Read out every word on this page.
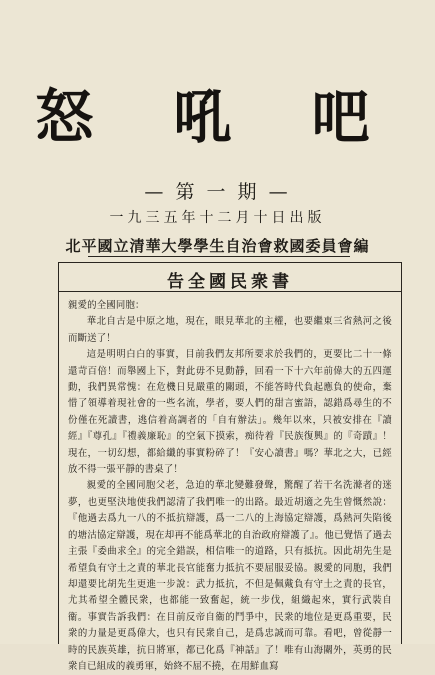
怒 吼 吧
— 第 一 期 —
一九三五年十二月十日出版
北平國立清華大學學生自治會救國委員會編
告全國民衆書

親愛的全國同胞：

華北自古是中原之地，現在，眼見華北的主權，也要繼東三省熱河之後而斷送了！

這是明明白白的事實，目前我們友邦所要求於我們的，更要比二十一條還苛百倍！而舉國上下，對此毋不見動靜，回看一下十六年前偉大的五四運動，我們異常愧：在危機日見嚴重的關頭，不能答時代負起應負的使命，棄惜了領導着現社會的一些名流，學者，要人們的甜言蜜語，認錯爲尋生的不份僅在死讀書，逃信着高調者的「自有辦法」。幾年以來，只被安排在『讀經』『尊孔』『禮義廉恥』的空氣下摸索，痴待着『民族復興』的『奇蹟』！現在，一切幻想，都給纖的事實粉碎了！『安心讀書』嗎？華北之大，已經放不得一張平靜的書桌了！

親愛的全國同胞父老，急迫的華北變難發聲，驚醒了若干名洗滌者的迷夢，也更堅決地使我們認清了我們唯一的出路。最近胡適之先生曾慨然說：『他過去爲九一八的不抵抗辯護，爲一二八的上海協定辯護，爲熱河失陷後的塘沽協定辯護，現在却再不能爲華北的自治政府辯護了』。他已覺悟了過去主張『委曲求全』的完全錯誤，相信唯一的道路，只有抵抗。因此胡先生是希望負有守土之責的華北長官能奮力抵抗不要屈服妥協。親愛的同胞，我們却還要比胡先生更進一步說：武力抵抗，不但是佩戴負有守土之責的長官，尤其希望全體民衆，也都能一致奮起，統一步伐，組織起來，實行武裝自衞。事實告訴我們：在目前反帝自衞的鬥爭中，民衆的地位是更爲重要，民衆的力量是更爲偉大，也只有民衆自己，是爲忠誠而可靠。看吧，曾從靜一時的民族英雄，抗日將軍，都已化爲『神話』了！唯有山海關外，英勇的民衆自已組成的義勇軍，始終不屈不撓，在用鮮血寫
